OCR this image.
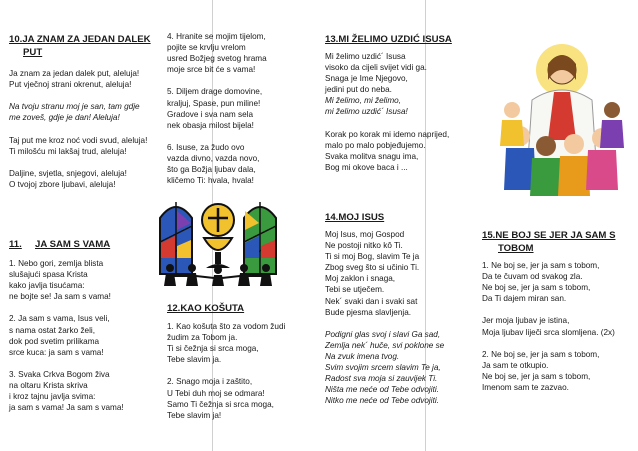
10.JA ZNAM ZA JEDAN DALEK
PUT
Ja znam za jedan dalek put, aleluja!
Put vječnoj strani okrenut, aleluja!
Na tvoju stranu moj je san, tam gdje
me zoveš, gdje je dan! Aleluja!
Taj put me kroz noć vodi svud, aleluja!
Ti milošću mi lakšaj trud, aleluja!
Daljine, svjetla, snjegovi, aleluja!
O tvojoj zbore ljubavi, aleluja!
11.	JA SAM S VAMA
1. Nebo gori, zemlja blista
slušajući spasa Krista
kako javlja tisućama:
ne bojte se! Ja sam s vama!
2. Ja sam s vama, Isus veli,
s nama ostat žarko želi,
dok pod svetim prilikama
srce kuca: ja sam s vama!
3. Svaka Crkva Bogom živa
na oltaru Krista skriva
i kroz tajnu javlja svima:
ja sam s vama! Ja sam s vama!
4. Hranite se mojim tijelom,
pojite se krvlju vrelom
usred Božjeg svetog hrama
moje srce bit će s vama!
5. Diljem drage domovine,
kraljuj, Spase, pun miline!
Gradove i sva nam sela
nek obasja milost bijela!
6. Isuse, za žudo ovo
vazda divno, vazda novo,
što ga Božja ljubav dala,
kličemo Ti: hvala, hvala!
12.KAO KOŠUTA
1. Kao košuta što za vodom žudi
žudim za Tobom ja.
Ti si čežnja si srca moga,
Tebe slavim ja.
2. Snago moja i zaštito,
U Tebi duh moj se odmara!
Samo Ti čežnja si srca moga,
Tebe slavim ja!
13.MI ŽELIMO UZDIĆ ISUSA
Mi želimo uzdić´ Isusa
visoko da cijeli svijet vidi ga.
Snaga je Ime Njegovo,
jedini put do neba.
Mi želimo, mi želimo,
mi želimo uzdić´ Isusa!
Korak po korak mi idemo naprijed,
malo po malo pobjeđujemo.
Svaka molitva snagu ima,
Bog mi okove baca i ...
14.MOJ ISUS
Moj Isus, moj Gospod
Ne postoji nitko kô Ti.
Ti si moj Bog, slavim Te ja
Zbog sveg što si učinio Ti.
Moj zaklon i snaga,
Tebi se utječem.
Nek´ svaki dan i svaki sat
Bude pjesma slavljenja.
Podigni glas svoj i slavi Ga sad,
Zemlja nek´ huče, svi poklone se
Na zvuk imena tvog.
Svim svojim srcem slavim Te ja,
Radost sva moja si zauvijek Ti.
Ništa me neće od Tebe odvojiti.
Nitko me neće od Tebe odvojiti.
15.NE BOJ SE JER JA SAM S
TOBOM
1. Ne boj se, jer ja sam s tobom,
Da te čuvam od svakog zla.
Ne boj se, jer ja sam s tobom,
Da Ti dajem miran san.
Jer moja ljubav je istina,
Moja ljubav liječi srca slomljena. (2x)
2. Ne boj se, jer ja sam s tobom,
Ja sam te otkupio.
Ne boj se, jer ja sam s tobom,
Imenom sam te zazvao.
